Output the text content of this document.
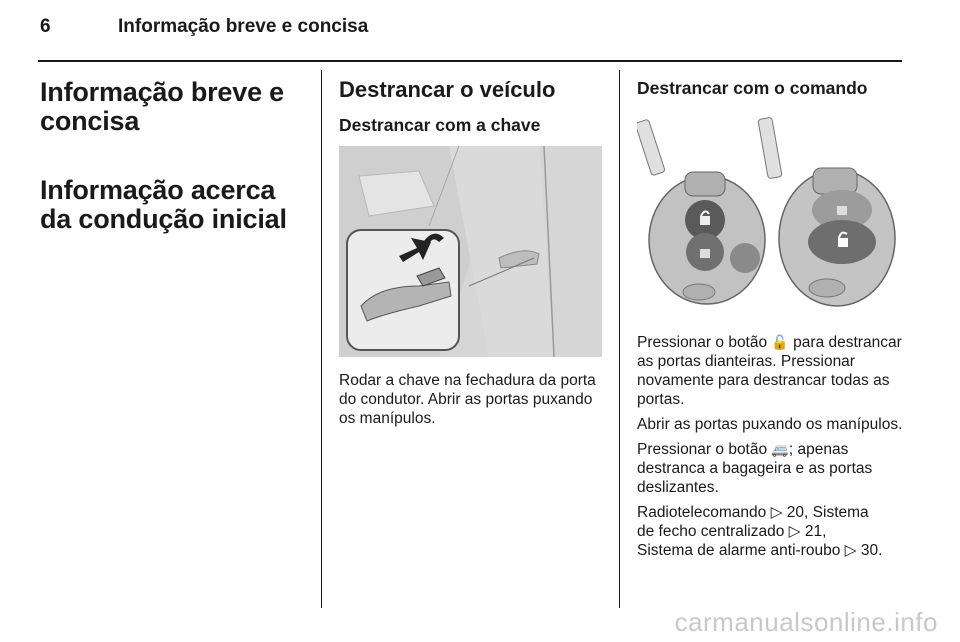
6	Informação breve e concisa
Informação breve e concisa
Informação acerca da condução inicial
Destrancar o veículo
Destrancar com a chave

Rodar a chave na fechadura da porta do condutor. Abrir as portas puxando os manípulos.

Destrancar com o comando

Pressionar o botão 🔓 para destrancar as portas dianteiras. Pressionar novamente para destrancar todas as portas.

Abrir as portas puxando os manípulos.

Pressionar o botão 🚐; apenas destranca a bagageira e as portas deslizantes.

Radiotelecomando ▷ 20, Sistema
de fecho centralizado ▷ 21,
Sistema de alarme anti-roubo ▷ 30.

carmanualsonline.info
